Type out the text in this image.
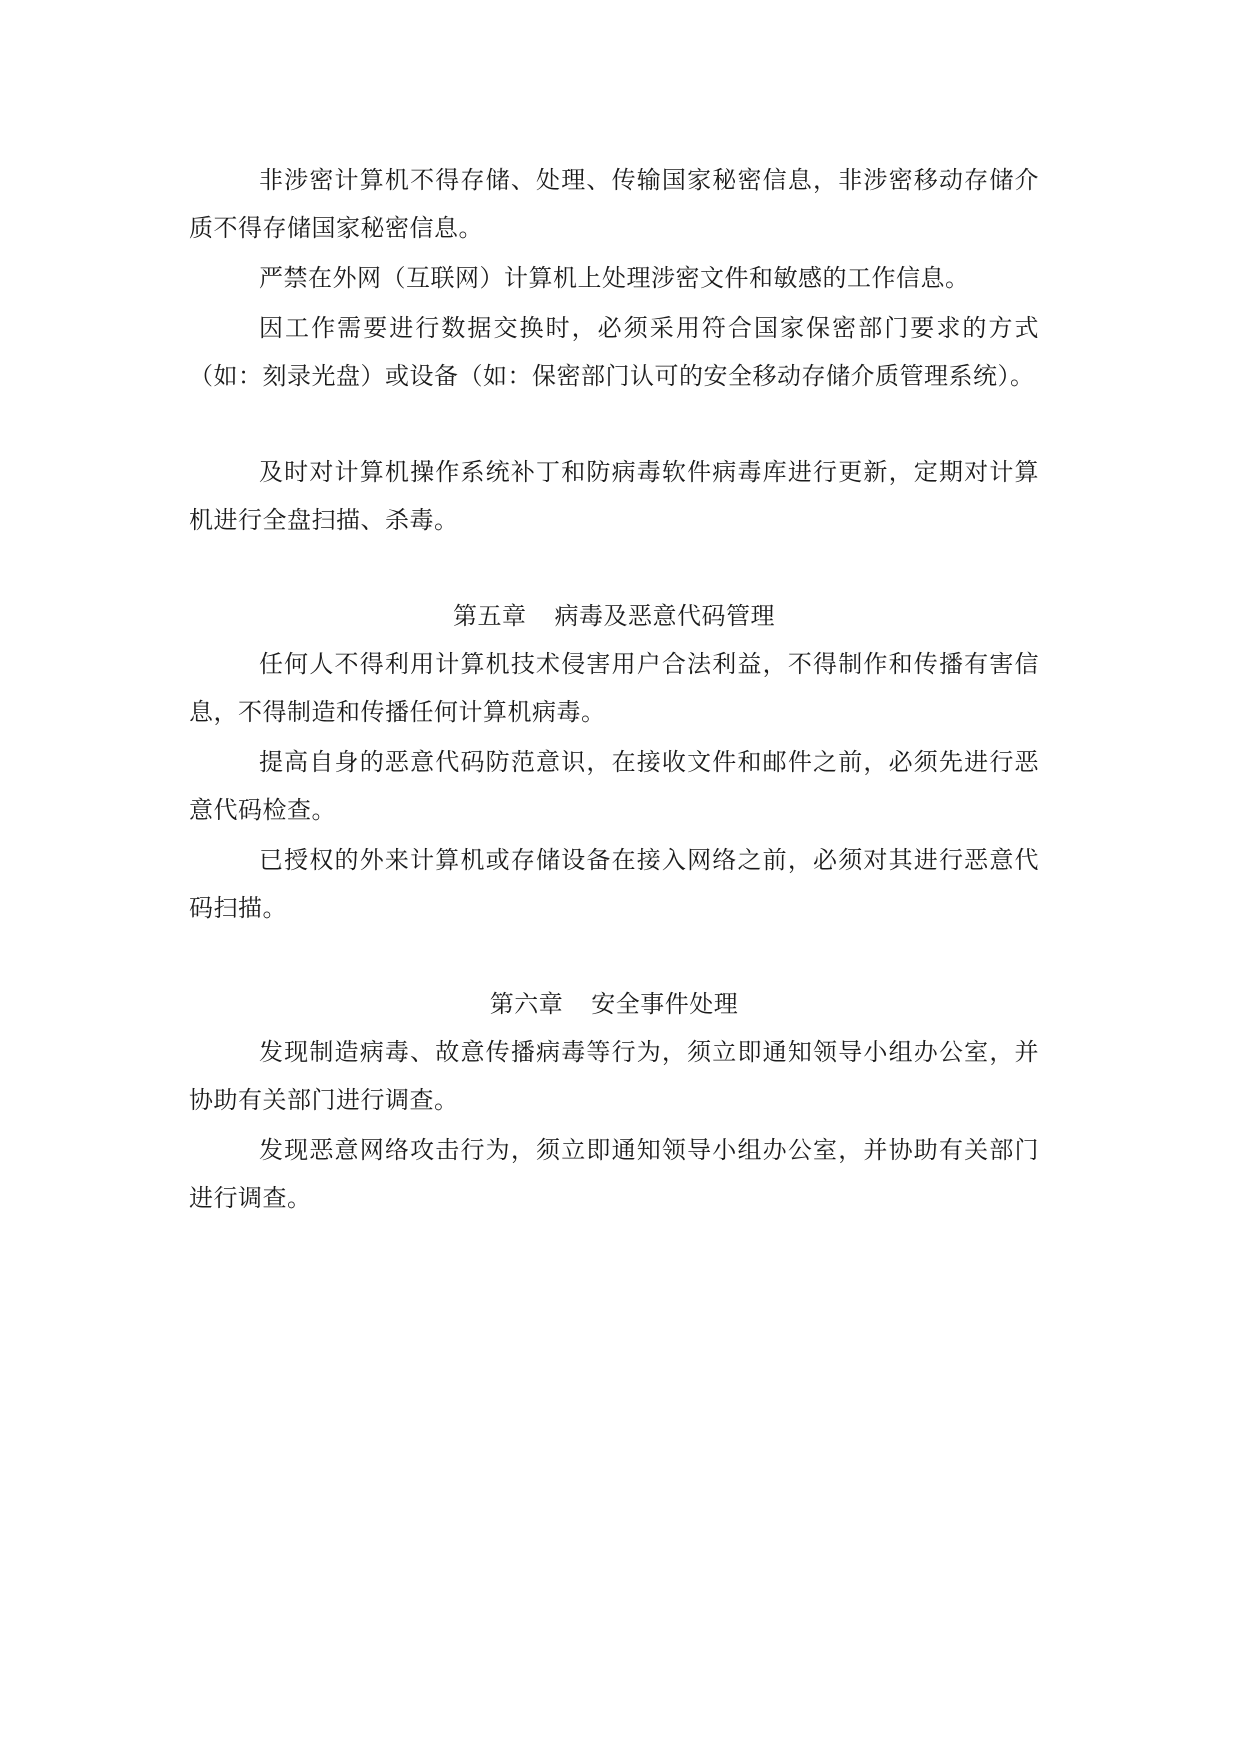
非涉密计算机不得存储、处理、传输国家秘密信息，非涉密移动存储介质不得存储国家秘密信息。

严禁在外网（互联网）计算机上处理涉密文件和敏感的工作信息。

因工作需要进行数据交换时，必须采用符合国家保密部门要求的方式（如：刻录光盘）或设备（如：保密部门认可的安全移动存储介质管理系统）。

及时对计算机操作系统补丁和防病毒软件病毒库进行更新，定期对计算机进行全盘扫描、杀毒。

第五章 病毒及恶意代码管理

任何人不得利用计算机技术侵害用户合法利益，不得制作和传播有害信息，不得制造和传播任何计算机病毒。

提高自身的恶意代码防范意识，在接收文件和邮件之前，必须先进行恶意代码检查。

已授权的外来计算机或存储设备在接入网络之前，必须对其进行恶意代码扫描。

第六章 安全事件处理

发现制造病毒、故意传播病毒等行为，须立即通知领导小组办公室，并协助有关部门进行调查。

发现恶意网络攻击行为，须立即通知领导小组办公室，并协助有关部门进行调查。
